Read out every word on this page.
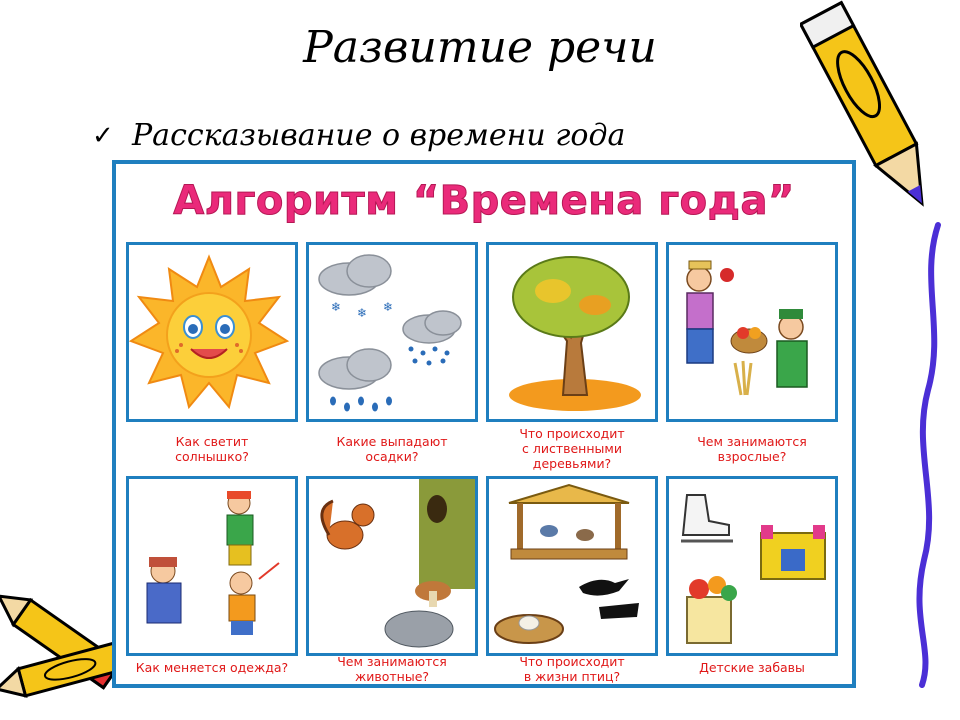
Развитие речи
✓ Рассказывание о времени года
Алгоритм “Времена года”
❄ ❄ ❄
Как светит
солнышко?
Какие выпадают
осадки?
Что происходит
с лиственными
деревьями?
Чем занимаются
взрослые?
Как меняется одежда?	Чем занимаются
животные?
Что происходит
в жизни птиц?
Детские забавы
